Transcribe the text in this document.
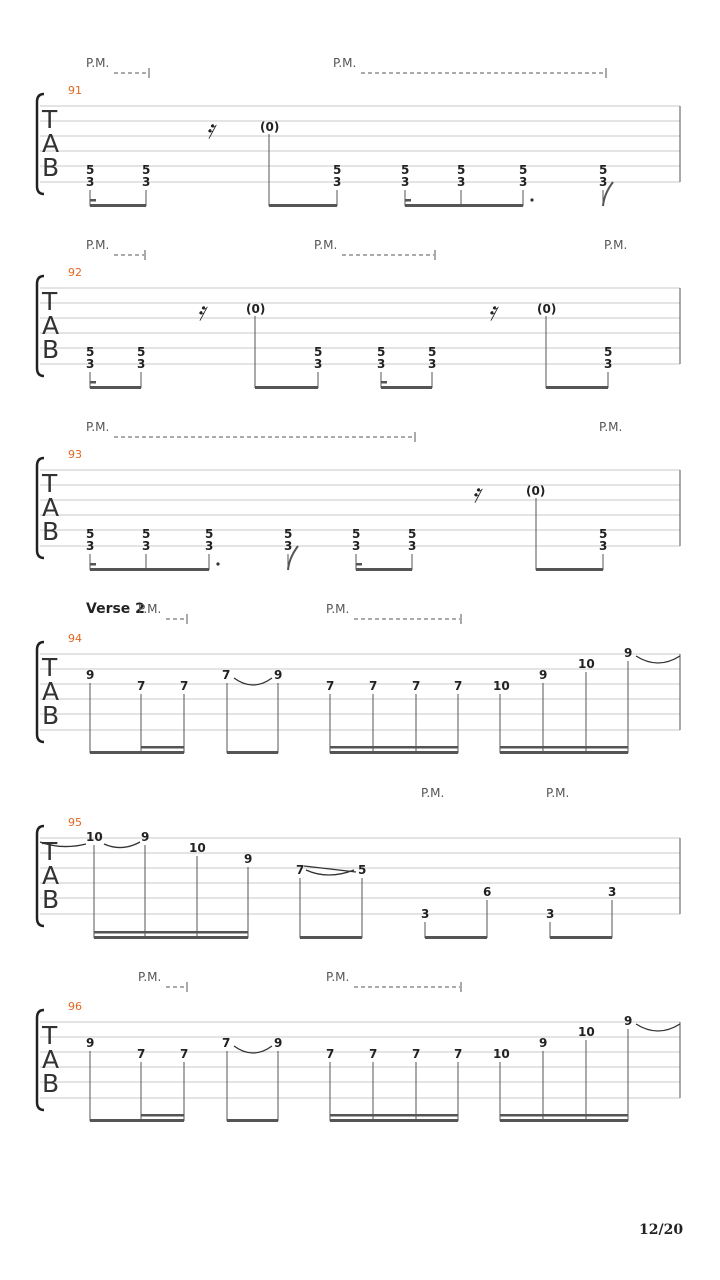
P.M.	P.M.
91
T
A
B
𝄿	(0)
5
3
5
3
5
3
5
3
5
3
5
3
5
3
P.M.	P.M.	P.M.
92
T
A
B
𝄿	(0)	𝄿	(0)
5
3
5
3
5
3
5
3
5
3
5
3
P.M.	P.M.
93
T
A
B
𝄿	(0)
5
3
5
3
5
3
5
3
5
3
5
3
5
3
Verse 2
P.M.	P.M.
94
T
A
B
9
7	7
7	9
7	7	7	7	10
9
10
9
P.M.	P.M.
95
T
A
B
10	9
10
9
7	5
3
6
3
3
P.M.	P.M.
96
T
A
B
9
7	7
7	9
7	7	7	7	10
9
10
9
12/20
